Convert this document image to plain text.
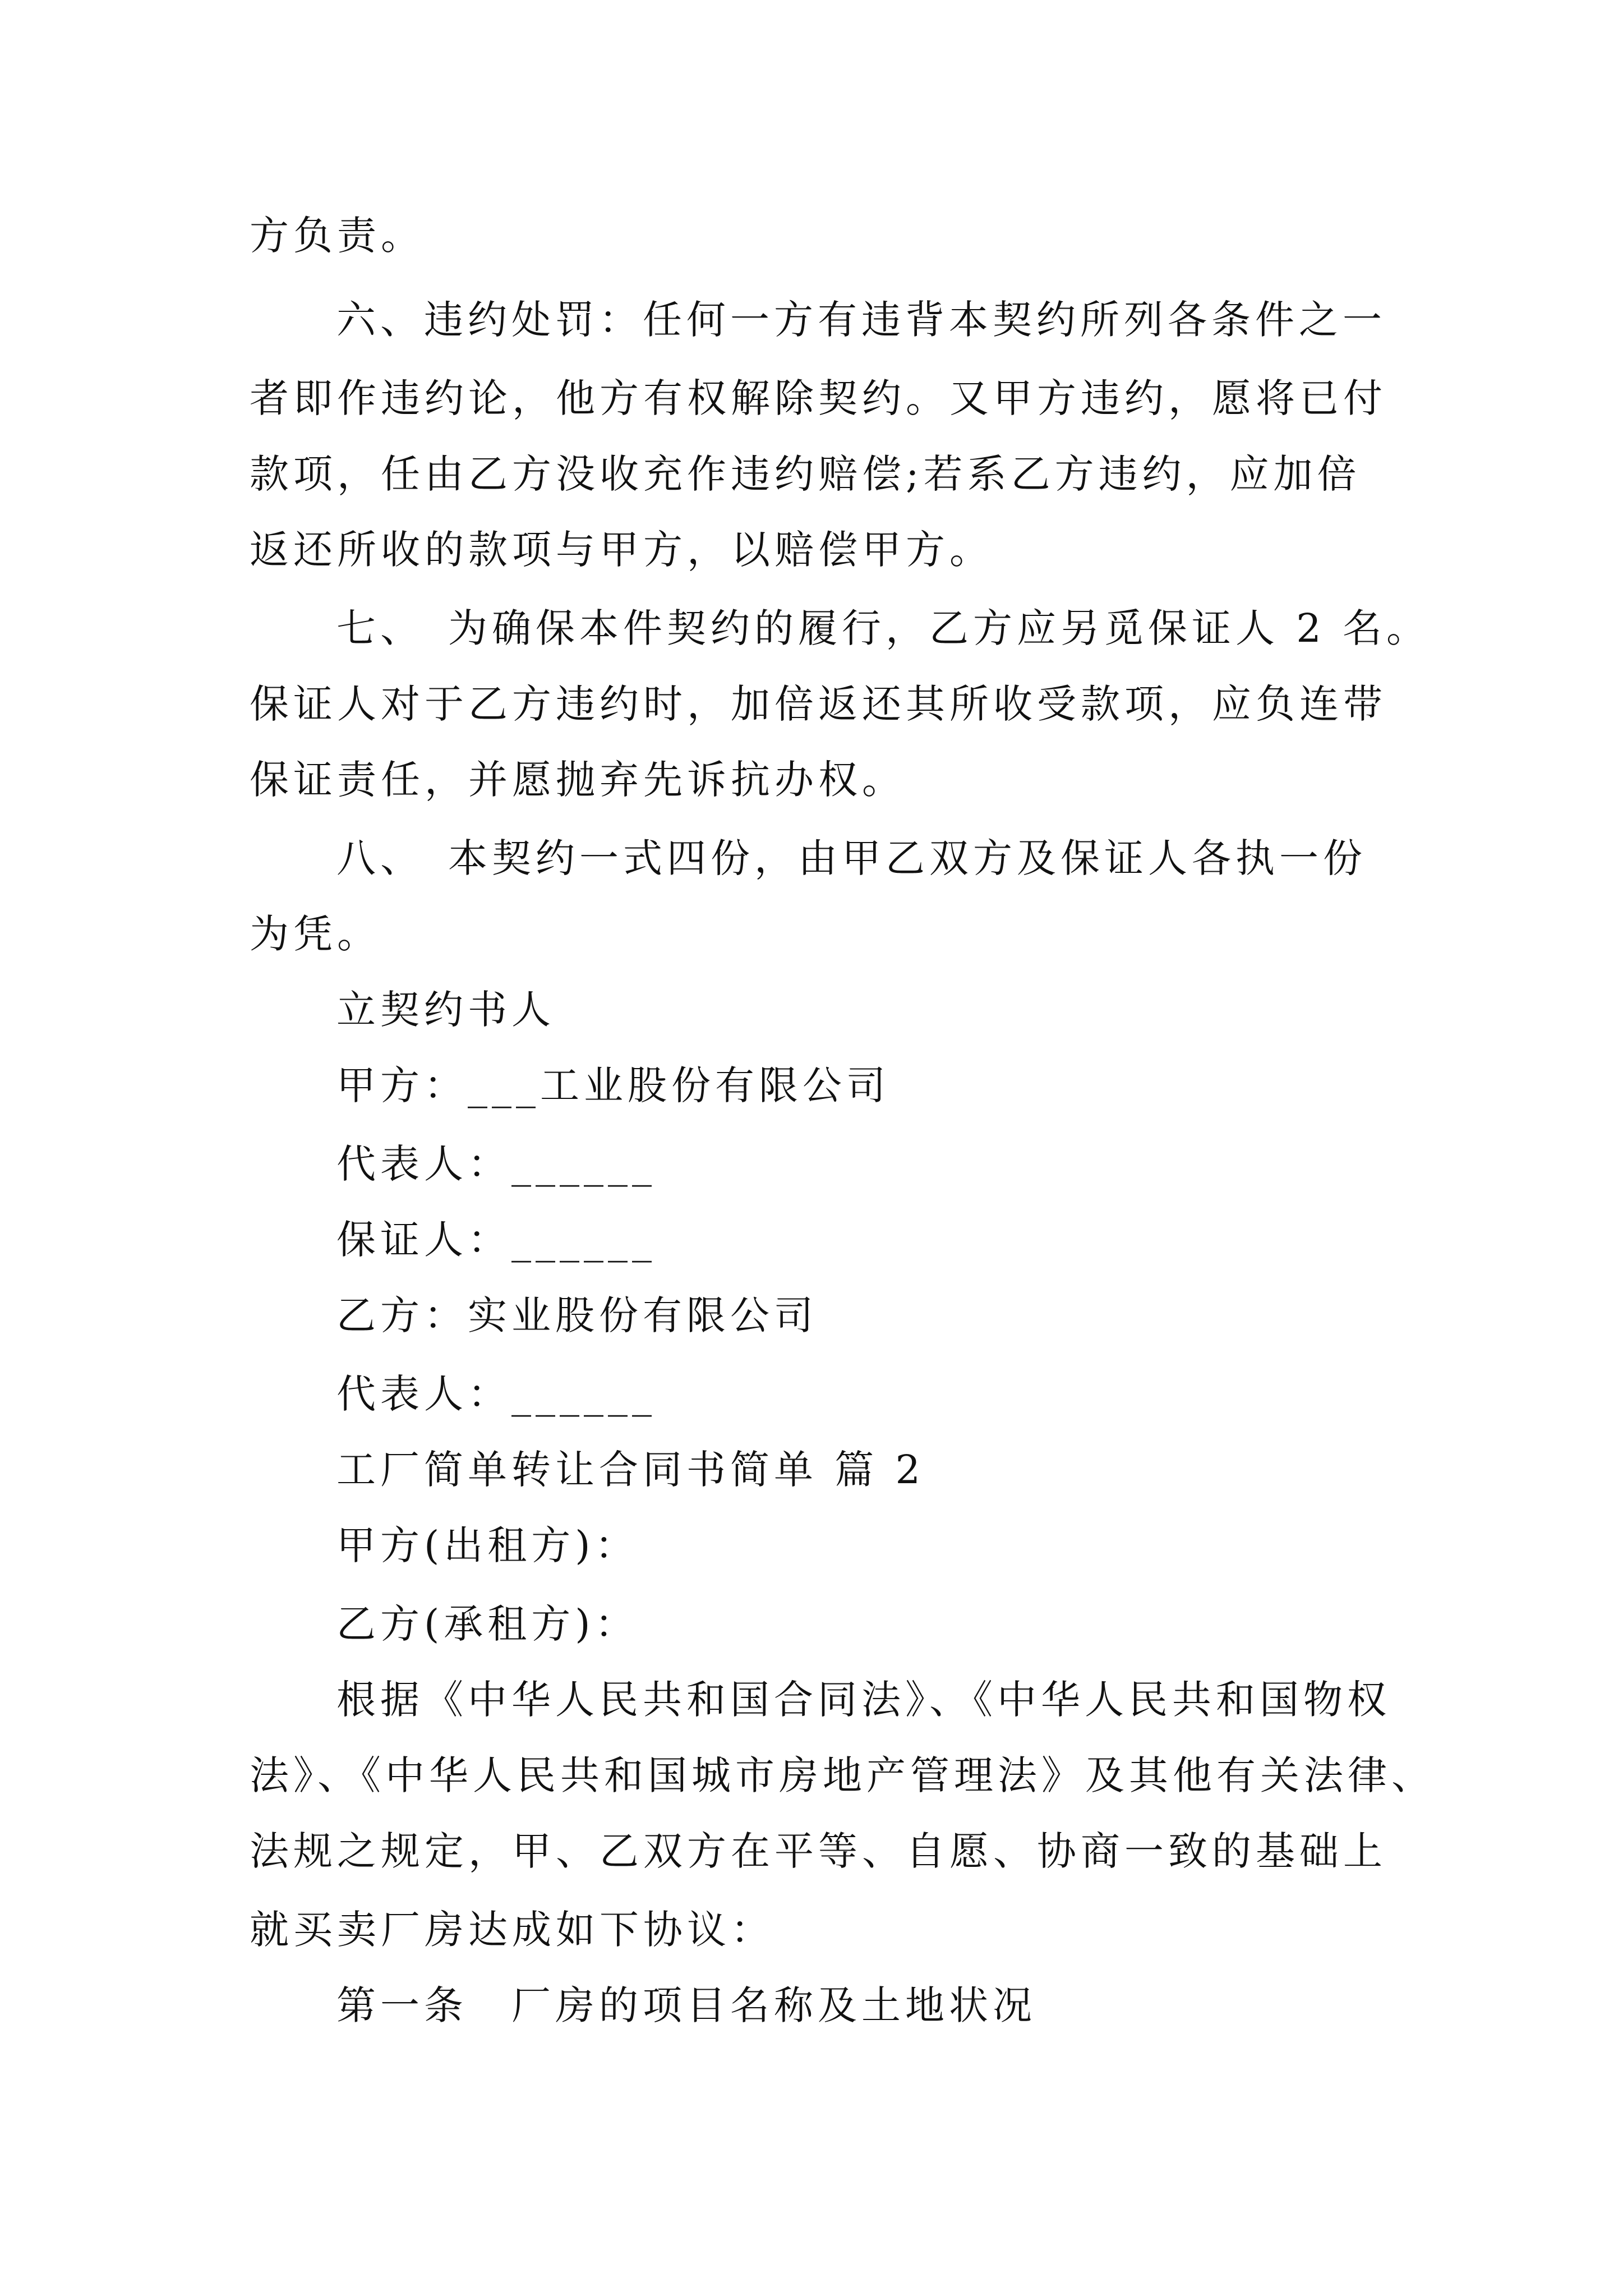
方负责。
六、违约处罚：任何一方有违背本契约所列各条件之一
者即作违约论，他方有权解除契约。又甲方违约，愿将已付
款项，任由乙方没收充作违约赔偿;若系乙方违约，应加倍
返还所收的款项与甲方，以赔偿甲方。
七、　为确保本件契约的履行，乙方应另觅保证人 2 名。
保证人对于乙方违约时，加倍返还其所收受款项，应负连带
保证责任，并愿抛弃先诉抗办权。
八、　本契约一式四份，由甲乙双方及保证人各执一份
为凭。
立契约书人
甲方：___工业股份有限公司
代表人：______
保证人：______
乙方：实业股份有限公司
代表人：______
工厂简单转让合同书简单 篇 2
甲方(出租方)：
乙方(承租方)：
根据《中华人民共和国合同法》、《中华人民共和国物权
法》、《中华人民共和国城市房地产管理法》及其他有关法律、
法规之规定，甲、乙双方在平等、自愿、协商一致的基础上
就买卖厂房达成如下协议：
第一条　厂房的项目名称及土地状况
